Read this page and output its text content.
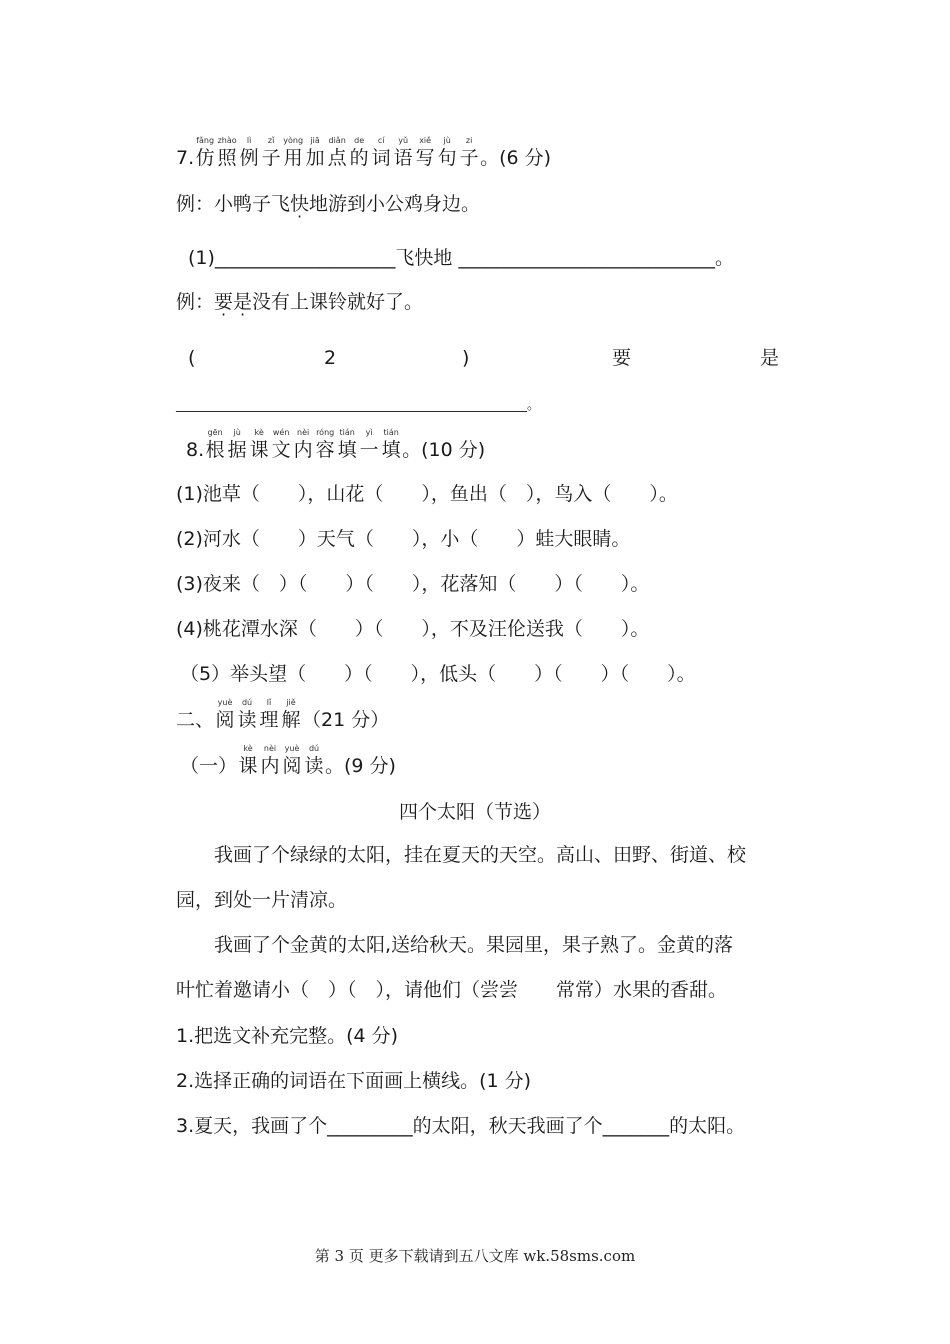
7.
fǎng
仿
zhào
照
lì
例
zǐ
子
yòng
用
jiā
加
diǎn
点
de
的
cí
词
yǔ
语
xiě
写
jù
句
zi
子 。(6 分)
例：小鸭子飞快地游到小公鸡身边。
(1)___________________飞快地 ___________________________。
例：要是没有上课铃就好了。
(	2	)	要	是
______________________________________________________。
8.
gēn
根
jù
据
kè
课
wén
文
nèi
内
róng
容
tián
填
yì
一
tián
填 。(10 分)
(1)池草（　　），山花（　　），鱼出（　），鸟入（　　）。
(2)河水（　　）天气（　　），小（　　）蛙大眼睛。
(3)夜来（　）（　　）（　　），花落知（　　）（　　）。
(4)桃花潭水深（　　）（　　），不及汪伦送我（　　）。
（5）举头望（　　）（　　），低头（　　）（　　）（　　）。
二、
yuè
阅
dú
读
lǐ
理
jiě
解 （21 分）
（一）
kè
课
nèi
内
yuè
阅
dú
读 。(9 分)
四个太阳（节选）
　　我画了个绿绿的太阳，挂在夏天的天空。高山、田野、街道、校
园，到处一片清凉。
　　我画了个金黄的太阳,送给秋天。果园里，果子熟了。金黄的落
叶忙着邀请小（　）（　），请他们（尝尝　　常常）水果的香甜。
1.把选文补充完整。(4 分)
2.选择正确的词语在下面画上横线。(1 分)
3.夏天，我画了个_________的太阳，秋天我画了个_______的太阳。
第 3 页 更多下载请到五八文库 wk.58sms.com
